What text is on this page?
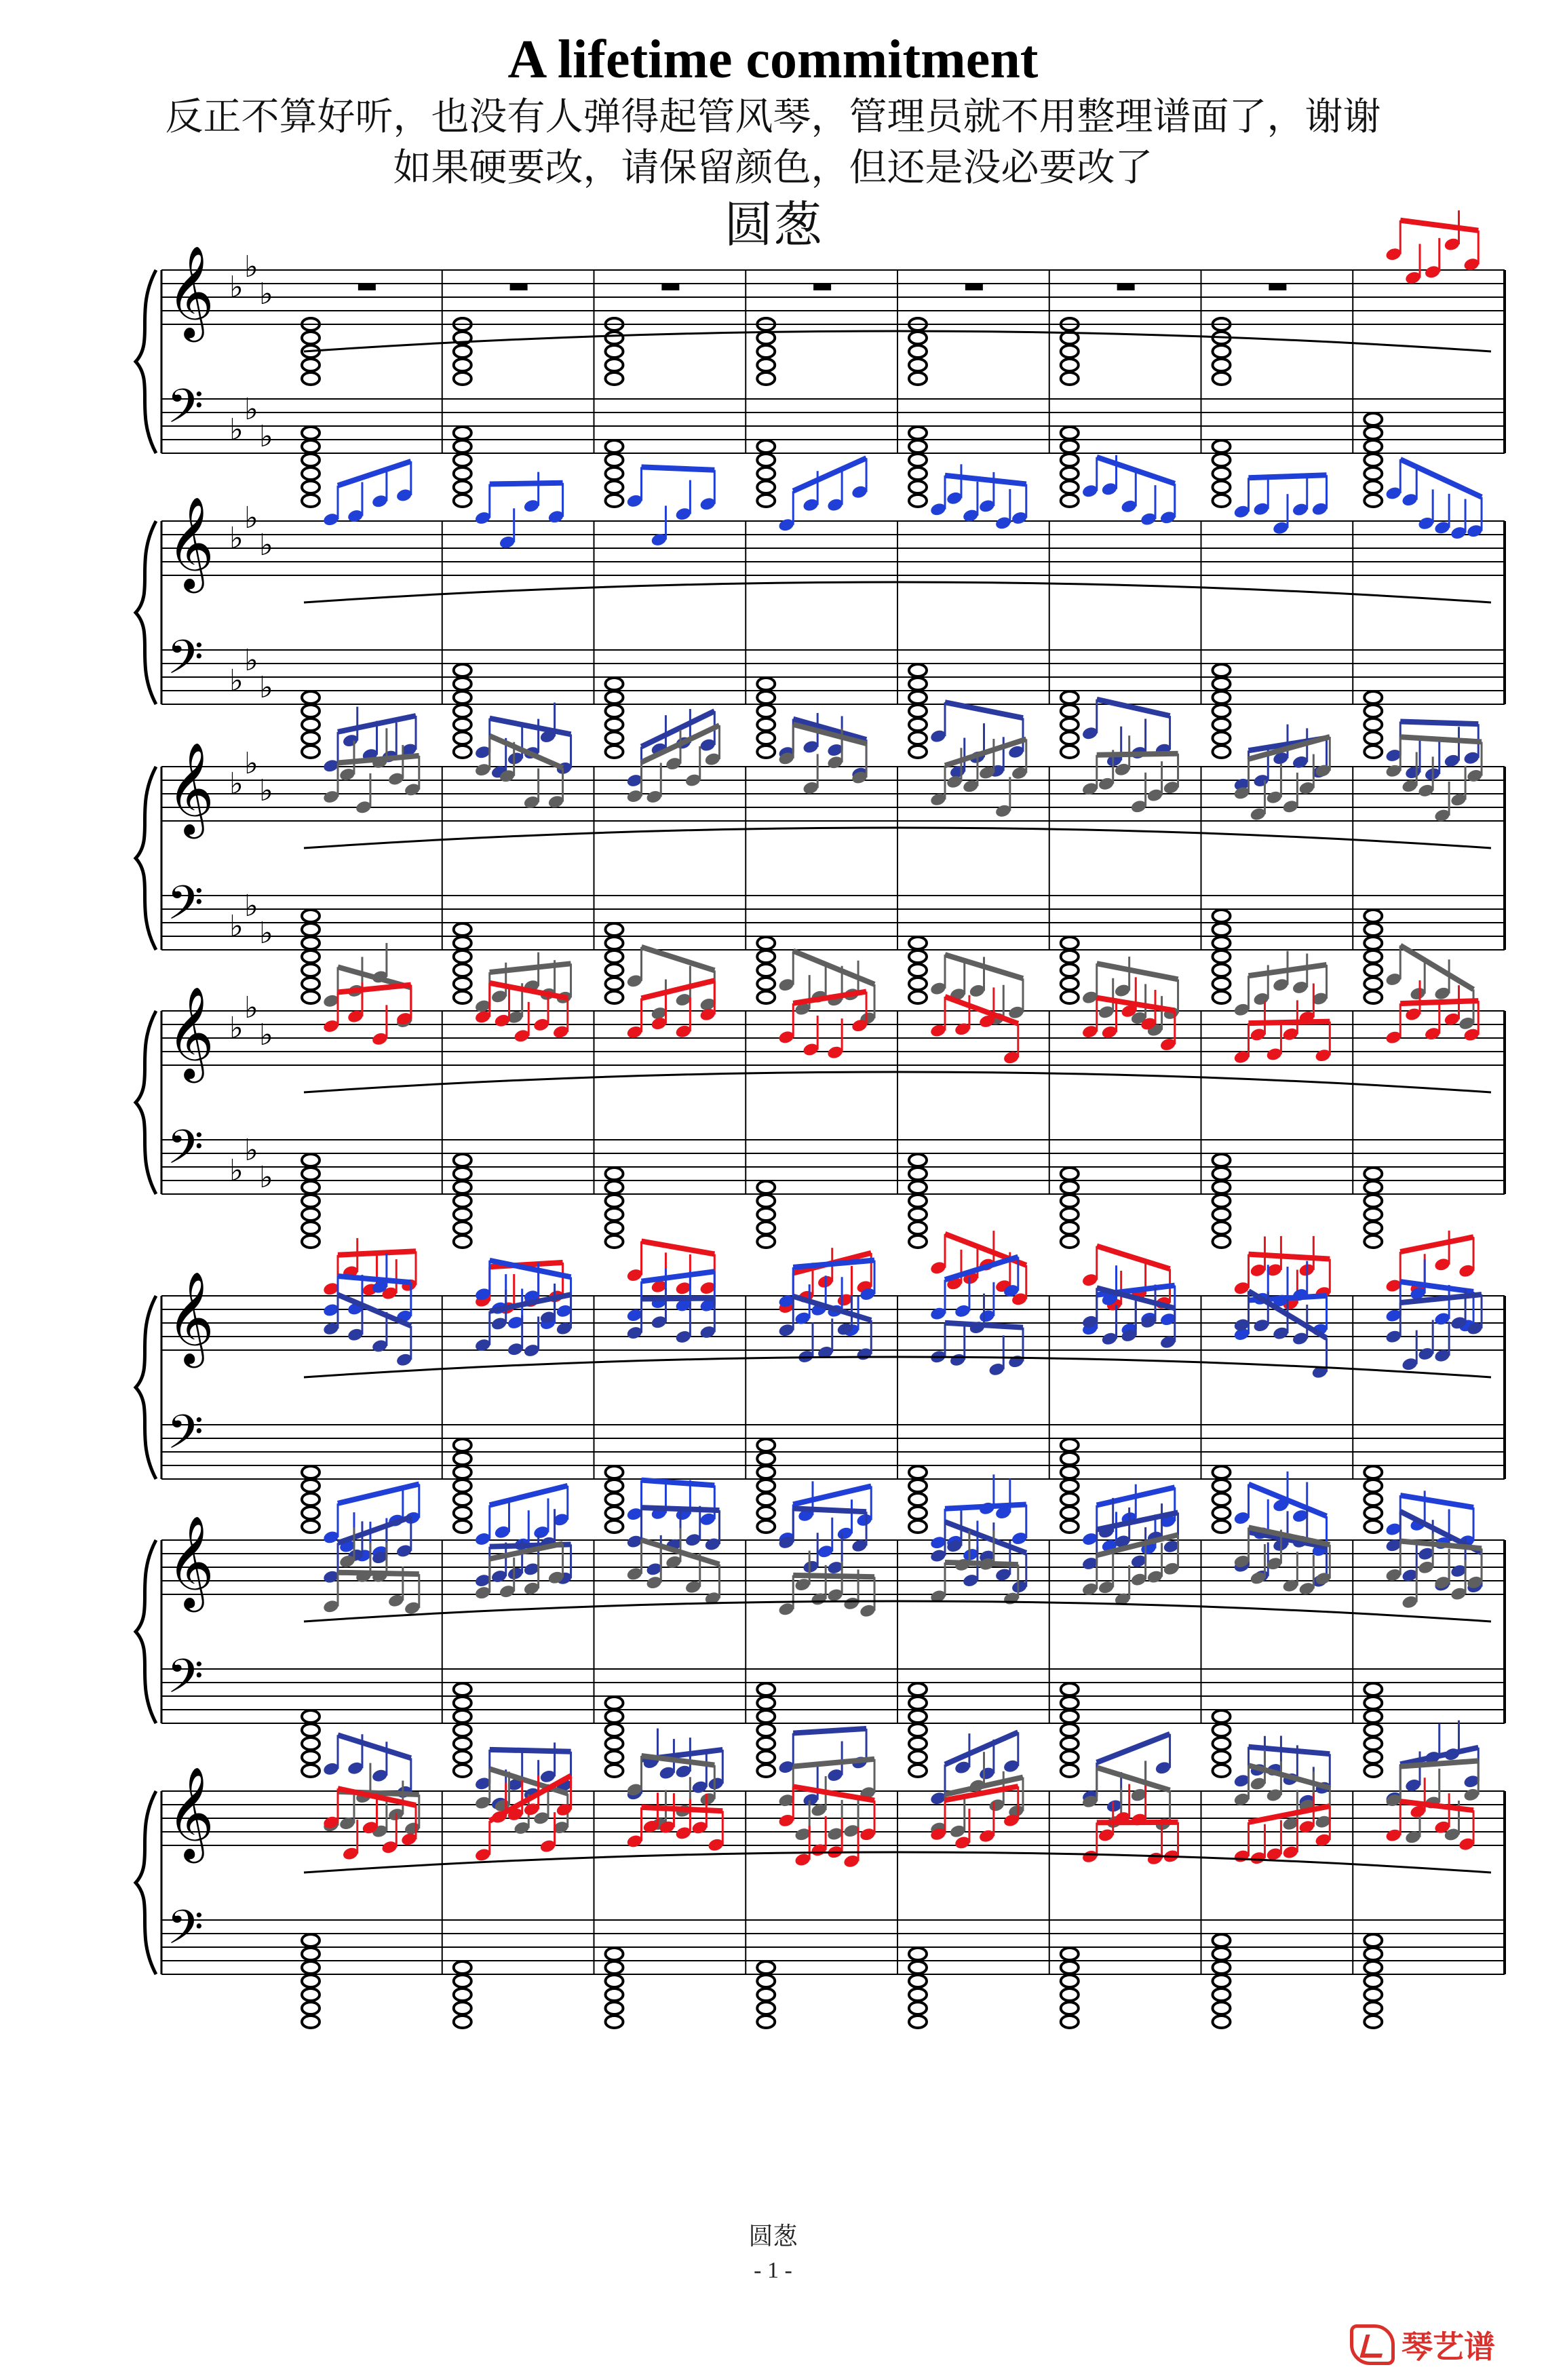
A lifetime commitment
反正不算好听，也没有人弹得起管风琴，管理员就不用整理谱面了，谢谢
如果硬要改，请保留颜色，但还是没必要改了
圆葱
𝄞 ♭
♭
♭
𝄢 ♭
♭
♭
𝄞 ♭
♭
♭
𝄢 ♭
♭
♭
𝄞 ♭
♭
♭
𝄢 ♭
♭
♭
𝄞 ♭
♭
♭
𝄢 ♭
♭
♭
𝄞
𝄢
𝄞
𝄢
𝄞
𝄢
圆葱
- 1 -
琴艺谱
